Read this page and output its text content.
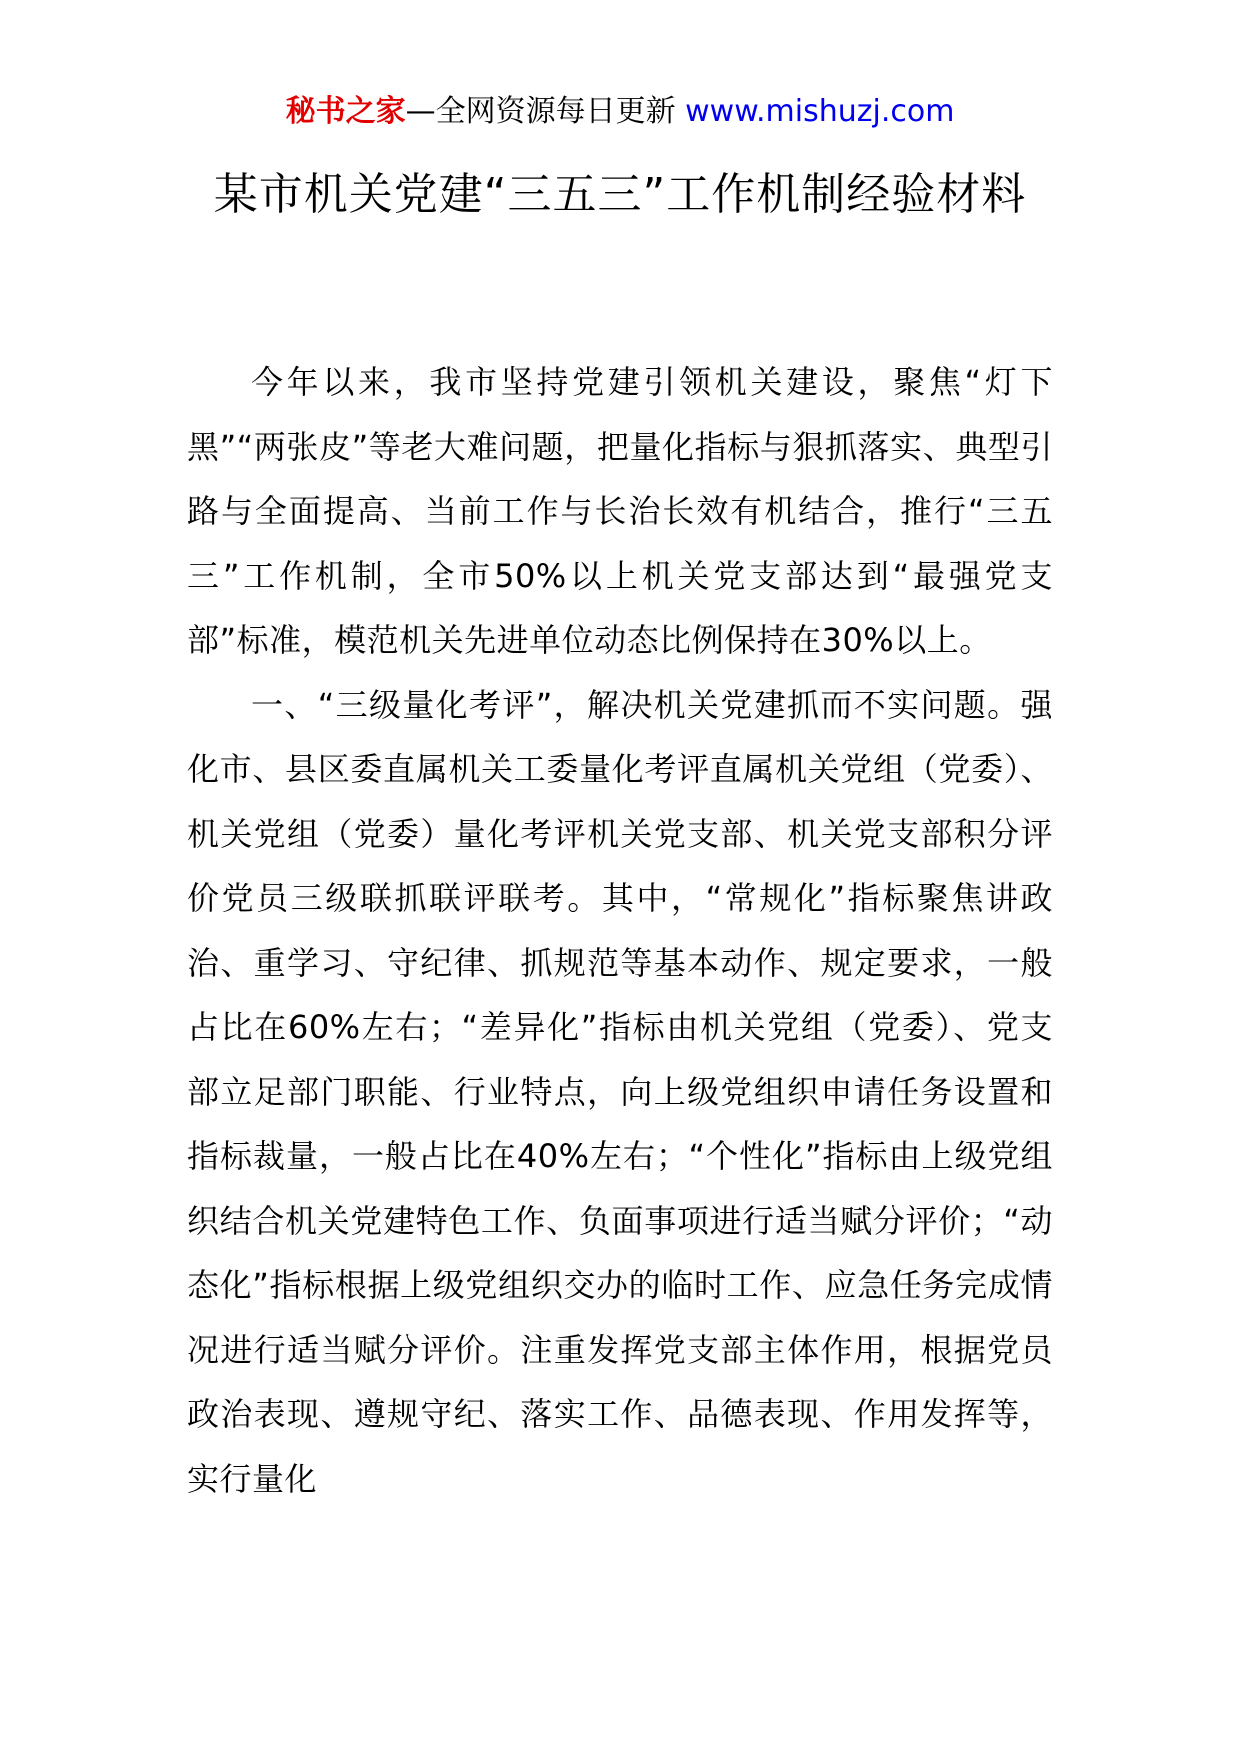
秘书之家—全网资源每日更新 www.mishuzj.com
某市机关党建“三五三”工作机制经验材料

今年以来，我市坚持党建引领机关建设，聚焦“灯下黑”“两张皮”等老大难问题，把量化指标与狠抓落实、典型引路与全面提高、当前工作与长治长效有机结合，推行“三五三”工作机制，全市50%以上机关党支部达到“最强党支部”标准，模范机关先进单位动态比例保持在30%以上。

一、“三级量化考评”，解决机关党建抓而不实问题。强化市、县区委直属机关工委量化考评直属机关党组（党委）、机关党组（党委）量化考评机关党支部、机关党支部积分评价党员三级联抓联评联考。其中，“常规化”指标聚焦讲政治、重学习、守纪律、抓规范等基本动作、规定要求，一般占比在60%左右；“差异化”指标由机关党组（党委）、党支部立足部门职能、行业特点，向上级党组织申请任务设置和指标裁量，一般占比在40%左右；“个性化”指标由上级党组织结合机关党建特色工作、负面事项进行适当赋分评价；“动态化”指标根据上级党组织交办的临时工作、应急任务完成情况进行适当赋分评价。注重发挥党支部主体作用，根据党员政治表现、遵规守纪、落实工作、品德表现、作用发挥等，实行量化
